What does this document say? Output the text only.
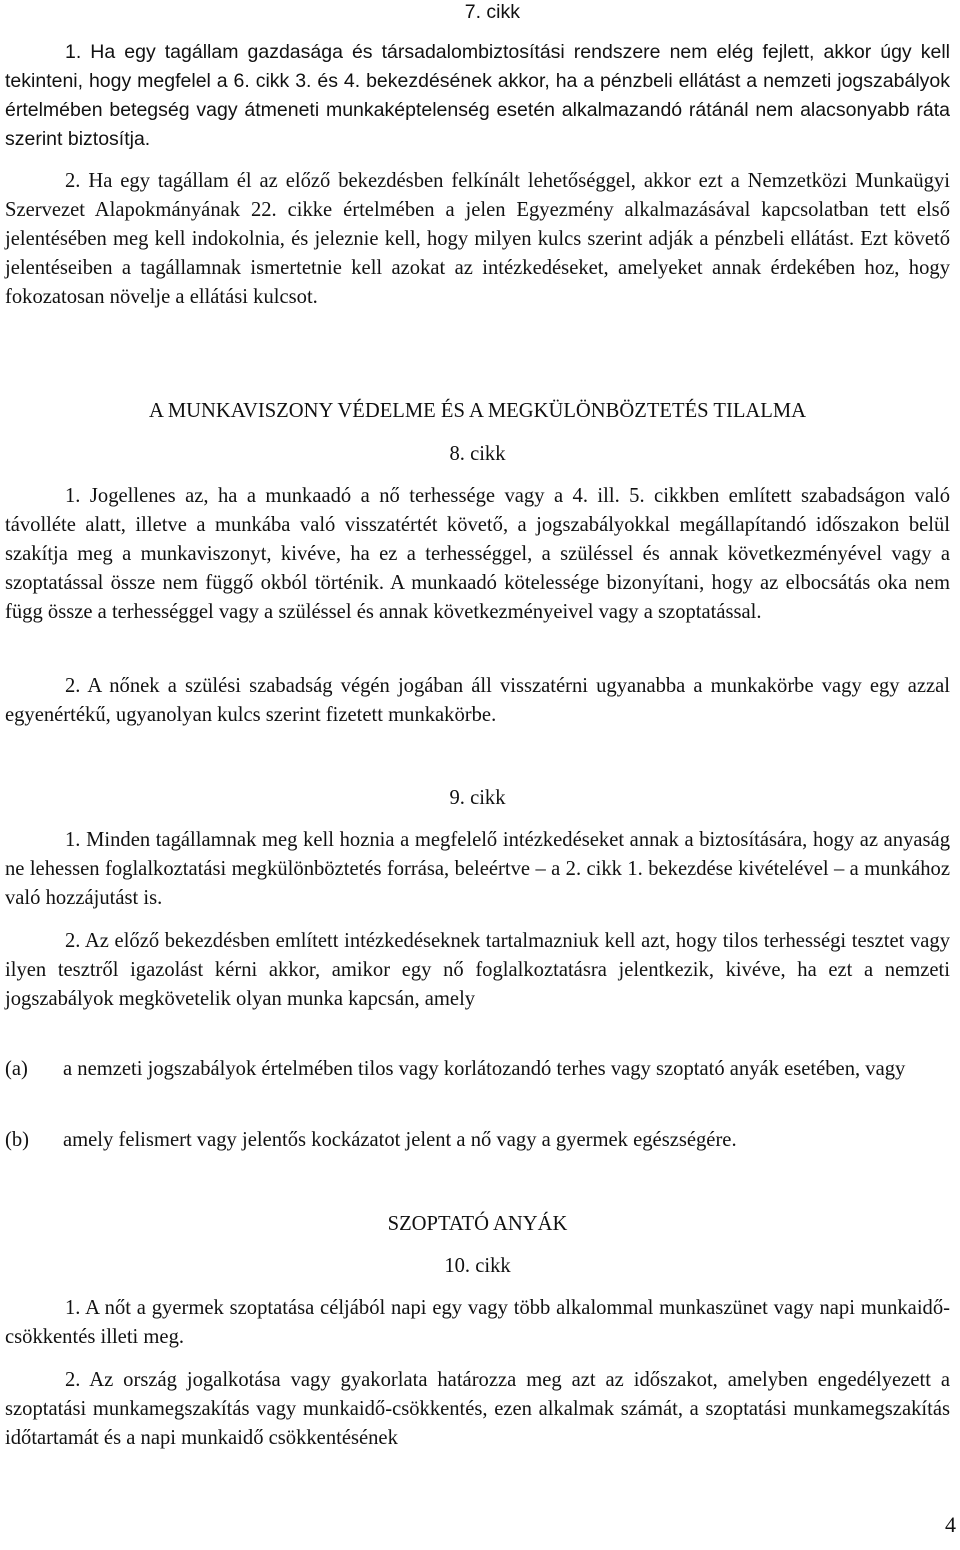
7. cikk

1. Ha egy tagállam gazdasága és társadalombiztosítási rendszere nem elég fejlett, akkor úgy kell tekinteni, hogy megfelel a 6. cikk 3. és 4. bekezdésének akkor, ha a pénzbeli ellátást a nemzeti jogszabályok értelmében betegség vagy átmeneti munkaképtelenség esetén alkalmazandó rátánál nem alacsonyabb ráta szerint biztosítja.

2. Ha egy tagállam él az előző bekezdésben felkínált lehetőséggel, akkor ezt a Nemzetközi Munkaügyi Szervezet Alapokmányának 22. cikke értelmében a jelen Egyezmény alkalmazásával kapcsolatban tett első jelentésében meg kell indokolnia, és jeleznie kell, hogy milyen kulcs szerint adják a pénzbeli ellátást. Ezt követő jelentéseiben a tagállamnak ismertetnie kell azokat az intézkedéseket, amelyeket annak érdekében hoz, hogy fokozatosan növelje a ellátási kulcsot.

A MUNKAVISZONY VÉDELME ÉS A MEGKÜLÖNBÖZTETÉS TILALMA
8. cikk

1. Jogellenes az, ha a munkaadó a nő terhessége vagy a 4. ill. 5. cikkben említett szabadságon való távolléte alatt, illetve a munkába való visszatértét követő, a jogszabályokkal megállapítandó időszakon belül szakítja meg a munkaviszonyt, kivéve, ha ez a terhességgel, a szüléssel és annak következményével vagy a szoptatással össze nem függő okból történik. A munkaadó kötelessége bizonyítani, hogy az elbocsátás oka nem függ össze a terhességgel vagy a szüléssel és annak következményeivel vagy a szoptatással.

2. A nőnek a szülési szabadság végén jogában áll visszatérni ugyanabba a munkakörbe vagy egy azzal egyenértékű, ugyanolyan kulcs szerint fizetett munkakörbe.

9. cikk

1. Minden tagállamnak meg kell hoznia a megfelelő intézkedéseket annak a biztosítására, hogy az anyaság ne lehessen foglalkoztatási megkülönböztetés forrása, beleértve – a 2. cikk 1. bekezdése kivételével – a munkához való hozzájutást is.

2. Az előző bekezdésben említett intézkedéseknek tartalmazniuk kell azt, hogy tilos terhességi tesztet vagy ilyen tesztről igazolást kérni akkor, amikor egy nő foglalkoztatásra jelentkezik, kivéve, ha ezt a nemzeti jogszabályok megkövetelik olyan munka kapcsán, amely

(a)	a nemzeti jogszabályok értelmében tilos vagy korlátozandó terhes vagy szoptató anyák esetében, vagy
(b)	amely felismert vagy jelentős kockázatot jelent a nő vagy a gyermek egészségére.
SZOPTATÓ ANYÁK
10. cikk

1. A nőt a gyermek szoptatása céljából napi egy vagy több alkalommal munkaszünet vagy napi munkaidő-csökkentés illeti meg.

2. Az ország jogalkotása vagy gyakorlata határozza meg azt az időszakot, amelyben engedélyezett a szoptatási munkamegszakítás vagy munkaidő-csökkentés, ezen alkalmak számát, a szoptatási munkamegszakítás időtartamát és a napi munkaidő csökkentésének

4
